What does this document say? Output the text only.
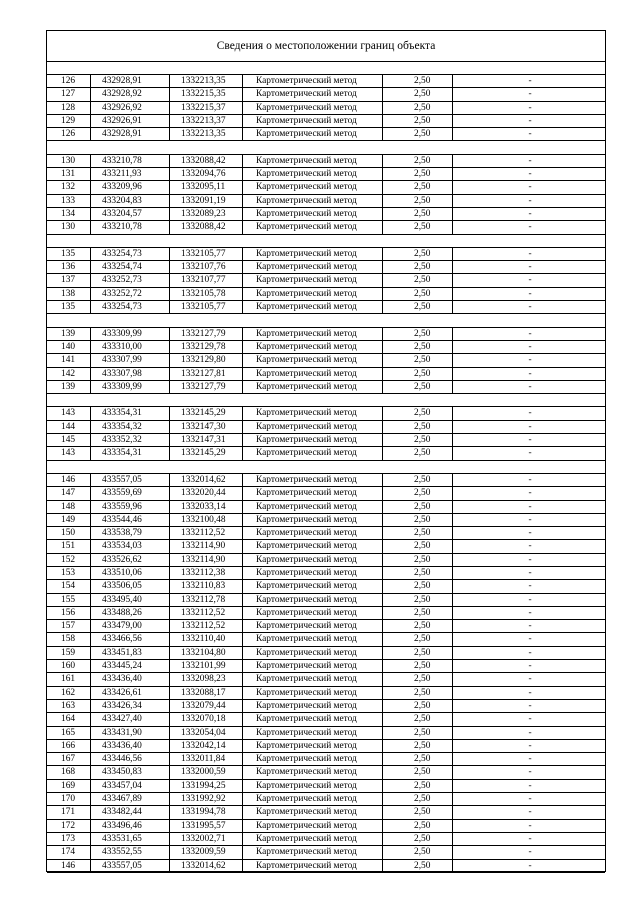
Сведения о местоположении границ объекта
126	432928,91	1332213,35	Картометрический метод	2,50	-
127	432928,92	1332215,35	Картометрический метод	2,50	-
128	432926,92	1332215,37	Картометрический метод	2,50	-
129	432926,91	1332213,37	Картометрический метод	2,50	-
126	432928,91	1332213,35	Картометрический метод	2,50	-
130	433210,78	1332088,42	Картометрический метод	2,50	-
131	433211,93	1332094,76	Картометрический метод	2,50	-
132	433209,96	1332095,11	Картометрический метод	2,50	-
133	433204,83	1332091,19	Картометрический метод	2,50	-
134	433204,57	1332089,23	Картометрический метод	2,50	-
130	433210,78	1332088,42	Картометрический метод	2,50	-
135	433254,73	1332105,77	Картометрический метод	2,50	-
136	433254,74	1332107,76	Картометрический метод	2,50	-
137	433252,73	1332107,77	Картометрический метод	2,50	-
138	433252,72	1332105,78	Картометрический метод	2,50	-
135	433254,73	1332105,77	Картометрический метод	2,50	-
139	433309,99	1332127,79	Картометрический метод	2,50	-
140	433310,00	1332129,78	Картометрический метод	2,50	-
141	433307,99	1332129,80	Картометрический метод	2,50	-
142	433307,98	1332127,81	Картометрический метод	2,50	-
139	433309,99	1332127,79	Картометрический метод	2,50	-
143	433354,31	1332145,29	Картометрический метод	2,50	-
144	433354,32	1332147,30	Картометрический метод	2,50	-
145	433352,32	1332147,31	Картометрический метод	2,50	-
143	433354,31	1332145,29	Картометрический метод	2,50	-
146	433557,05	1332014,62	Картометрический метод	2,50	-
147	433559,69	1332020,44	Картометрический метод	2,50	-
148	433559,96	1332033,14	Картометрический метод	2,50	-
149	433544,46	1332100,48	Картометрический метод	2,50	-
150	433538,79	1332112,52	Картометрический метод	2,50	-
151	433534,03	1332114,90	Картометрический метод	2,50	-
152	433526,62	1332114,90	Картометрический метод	2,50	-
153	433510,06	1332112,38	Картометрический метод	2,50	-
154	433506,05	1332110,83	Картометрический метод	2,50	-
155	433495,40	1332112,78	Картометрический метод	2,50	-
156	433488,26	1332112,52	Картометрический метод	2,50	-
157	433479,00	1332112,52	Картометрический метод	2,50	-
158	433466,56	1332110,40	Картометрический метод	2,50	-
159	433451,83	1332104,80	Картометрический метод	2,50	-
160	433445,24	1332101,99	Картометрический метод	2,50	-
161	433436,40	1332098,23	Картометрический метод	2,50	-
162	433426,61	1332088,17	Картометрический метод	2,50	-
163	433426,34	1332079,44	Картометрический метод	2,50	-
164	433427,40	1332070,18	Картометрический метод	2,50	-
165	433431,90	1332054,04	Картометрический метод	2,50	-
166	433436,40	1332042,14	Картометрический метод	2,50	-
167	433446,56	1332011,84	Картометрический метод	2,50	-
168	433450,83	1332000,59	Картометрический метод	2,50	-
169	433457,04	1331994,25	Картометрический метод	2,50	-
170	433467,89	1331992,92	Картометрический метод	2,50	-
171	433482,44	1331994,78	Картометрический метод	2,50	-
172	433496,46	1331995,57	Картометрический метод	2,50	-
173	433531,65	1332002,71	Картометрический метод	2,50	-
174	433552,55	1332009,59	Картометрический метод	2,50	-
146	433557,05	1332014,62	Картометрический метод	2,50	-
